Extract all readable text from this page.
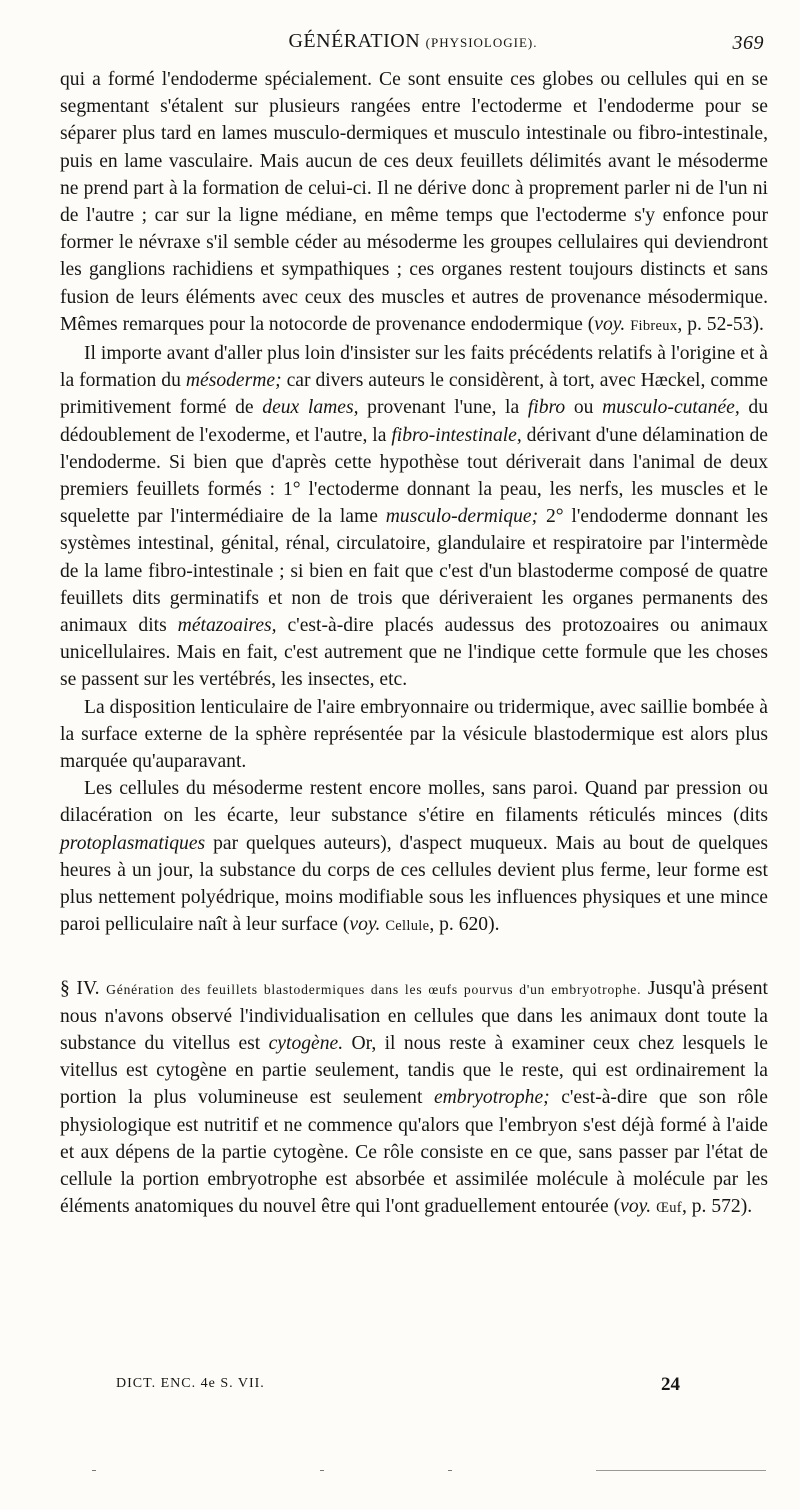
GÉNÉRATION (PHYSIOLOGIE).	369

qui a formé l'endoderme spécialement. Ce sont ensuite ces globes ou cellules qui en se segmentant s'étalent sur plusieurs rangées entre l'ectoderme et l'endoderme pour se séparer plus tard en lames musculo-dermiques et musculo intestinale ou fibro-intestinale, puis en lame vasculaire. Mais aucun de ces deux feuillets délimités avant le mésoderme ne prend part à la formation de celui-ci. Il ne dérive donc à proprement parler ni de l'un ni de l'autre ; car sur la ligne médiane, en même temps que l'ectoderme s'y enfonce pour former le névraxe s'il semble céder au mésoderme les groupes cellulaires qui deviendront les ganglions rachidiens et sympathiques ; ces organes restent toujours distincts et sans fusion de leurs éléments avec ceux des muscles et autres de provenance mésodermique. Mêmes remarques pour la notocorde de provenance endodermique (voy. Fibreux, p. 52-53).

Il importe avant d'aller plus loin d'insister sur les faits précédents relatifs à l'origine et à la formation du mésoderme; car divers auteurs le considèrent, à tort, avec Hæckel, comme primitivement formé de deux lames, provenant l'une, la fibro ou musculo-cutanée, du dédoublement de l'exoderme, et l'autre, la fibro-intestinale, dérivant d'une délamination de l'endoderme. Si bien que d'après cette hypothèse tout dériverait dans l'animal de deux premiers feuillets formés : 1° l'ectoderme donnant la peau, les nerfs, les muscles et le squelette par l'intermédiaire de la lame musculo-dermique; 2° l'endoderme donnant les systèmes intestinal, génital, rénal, circulatoire, glandulaire et respiratoire par l'intermède de la lame fibro-intestinale ; si bien en fait que c'est d'un blastoderme composé de quatre feuillets dits germinatifs et non de trois que dériveraient les organes permanents des animaux dits métazoaires, c'est-à-dire placés audessus des protozoaires ou animaux unicellulaires. Mais en fait, c'est autrement que ne l'indique cette formule que les choses se passent sur les vertébrés, les insectes, etc.

La disposition lenticulaire de l'aire embryonnaire ou tridermique, avec saillie bombée à la surface externe de la sphère représentée par la vésicule blastodermique est alors plus marquée qu'auparavant.

Les cellules du mésoderme restent encore molles, sans paroi. Quand par pression ou dilacération on les écarte, leur substance s'étire en filaments réticulés minces (dits protoplasmatiques par quelques auteurs), d'aspect muqueux. Mais au bout de quelques heures à un jour, la substance du corps de ces cellules devient plus ferme, leur forme est plus nettement polyédrique, moins modifiable sous les influences physiques et une mince paroi pelliculaire naît à leur surface (voy. Cellule, p. 620).

§ IV. Génération des feuillets blastodermiques dans les œufs pourvus d'un embryotrophe. Jusqu'à présent nous n'avons observé l'individualisation en cellules que dans les animaux dont toute la substance du vitellus est cytogène. Or, il nous reste à examiner ceux chez lesquels le vitellus est cytogène en partie seulement, tandis que le reste, qui est ordinairement la portion la plus volumineuse est seulement embryotrophe; c'est-à-dire que son rôle physiologique est nutritif et ne commence qu'alors que l'embryon s'est déjà formé à l'aide et aux dépens de la partie cytogène. Ce rôle consiste en ce que, sans passer par l'état de cellule la portion embryotrophe est absorbée et assimilée molécule à molécule par les éléments anatomiques du nouvel être qui l'ont graduellement entourée (voy. Œuf, p. 572).

DICT. ENC. 4e S. VII.	24
